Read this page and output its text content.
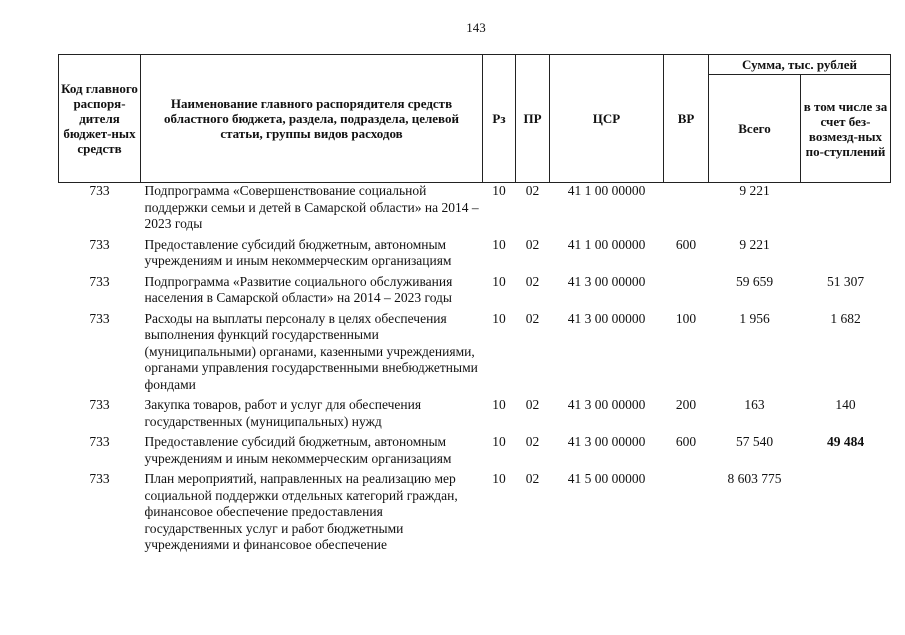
143
Код главного распоря-дителя бюджет-ных средств	Наименование главного распорядителя средств областного бюджета, раздела, подраздела, целевой статьи, группы видов расходов	Рз	ПР	ЦСР	ВР	Сумма, тыс. рублей	
						Всего	в том числе за счет без-возмезд-ных по-ступлений
733	Подпрограмма «Совершенствование социальной поддержки семьи и детей в Самарской области» на 2014 – 2023 годы	10	02	41 1 00 00000		9 221	
733	Предоставление субсидий бюджетным, автономным учреждениям и иным некоммерческим организациям	10	02	41 1 00 00000	600	9 221	
733	Подпрограмма «Развитие социального обслуживания населения в Самарской области» на 2014 – 2023 годы	10	02	41 3 00 00000		59 659	51 307
733	Расходы на выплаты персоналу в целях обеспечения выполнения функций государственными (муниципальными) органами, казенными учреждениями, органами управления государственными внебюджетными фондами	10	02	41 3 00 00000	100	1 956	1 682
733	Закупка товаров, работ и услуг для обеспечения государственных (муниципальных) нужд	10	02	41 3 00 00000	200	163	140
733	Предоставление субсидий бюджетным, автономным учреждениям и иным некоммерческим организациям	10	02	41 3 00 00000	600	57 540	49 484
733	План мероприятий, направленных на реализацию мер социальной поддержки отдельных категорий граждан, финансовое обеспечение предоставления государственных услуг и работ бюджетными учреждениями и финансовое обеспечение	10	02	41 5 00 00000		8 603 775	
